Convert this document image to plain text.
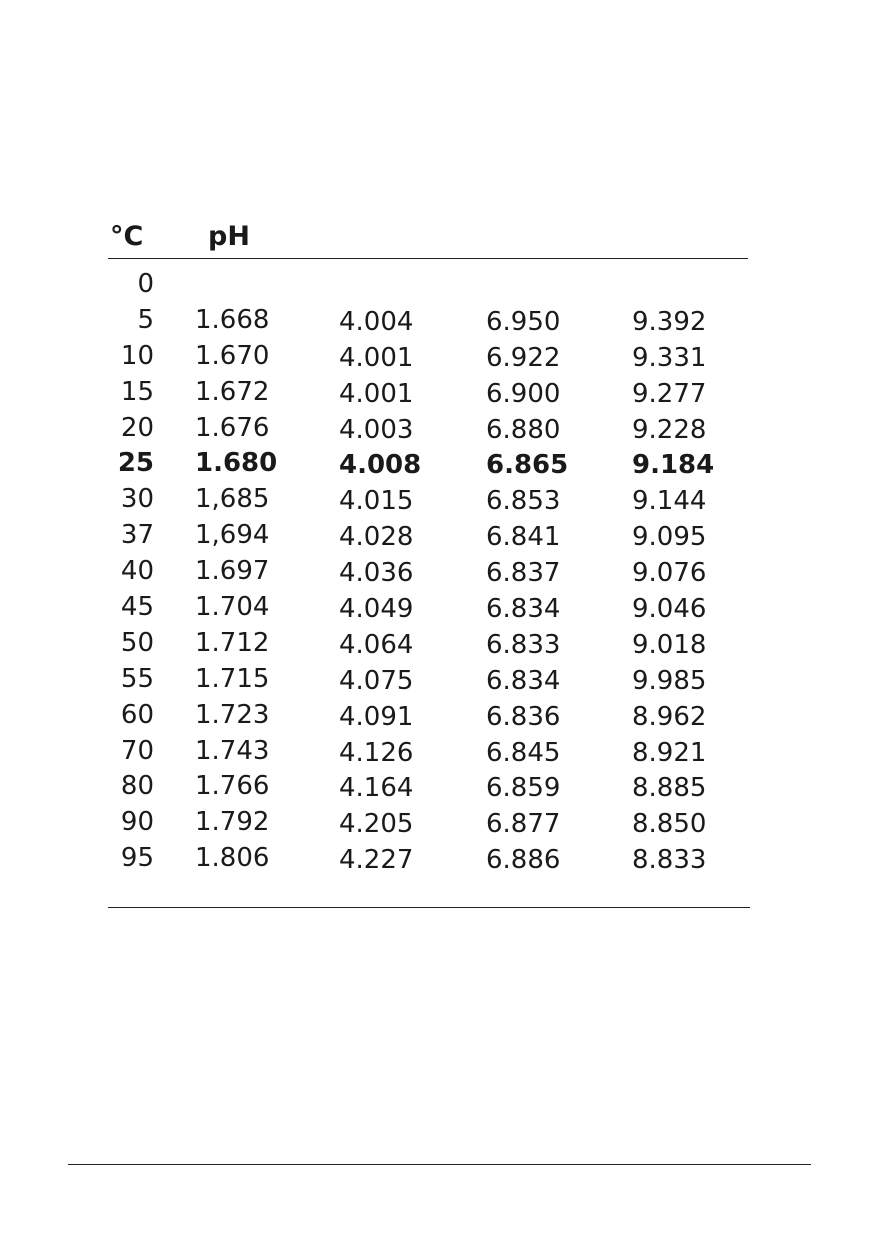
°C pH
0
5 1.668	4.004	6.950	9.392
10 1.670	4.001	6.922	9.331
15 1.672	4.001	6.900	9.277
20 1.676	4.003	6.880	9.228
25 1.680 4.008 6.865 9.184
30 1,685	4.015	6.853	9.144
37 1,694	4.028	6.841	9.095
40 1.697	4.036	6.837	9.076
45 1.704	4.049	6.834	9.046
50 1.712	4.064	6.833	9.018
55 1.715	4.075	6.834	9.985
60 1.723	4.091	6.836	8.962
70 1.743	4.126	6.845	8.921
80 1.766	4.164	6.859	8.885
90 1.792	4.205	6.877	8.850
95 1.806	4.227	6.886	8.833
